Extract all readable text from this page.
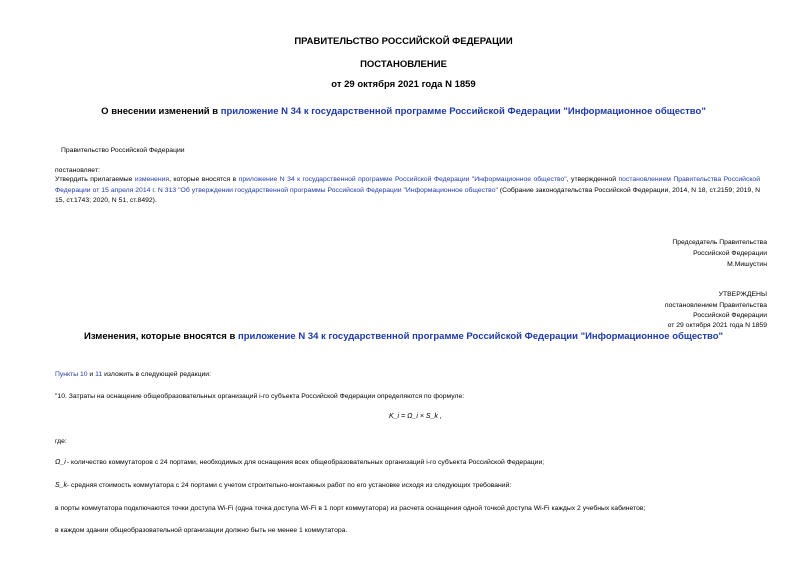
ПРАВИТЕЛЬСТВО РОССИЙСКОЙ ФЕДЕРАЦИИ
ПОСТАНОВЛЕНИЕ
от 29 октября 2021 года N 1859
О внесении изменений в приложение N 34 к государственной программе Российской Федерации "Информационное общество"
Правительство Российской Федерации
постановляет:
Утвердить прилагаемые изменения, которые вносятся в приложение N 34 к государственной программе Российской Федерации "Информационное общество", утвержденной постановлением Правительства Российской Федерации от 15 апреля 2014 г. N 313 "Об утверждении государственной программы Российской Федерации "Информационное общество" (Собрание законодательства Российской Федерации, 2014, N 18, ст.2159; 2019, N 15, ст.1743; 2020, N 51, ст.8492).
Председатель Правительства
Российской Федерации
М.Мишустин
УТВЕРЖДЕНЫ
постановлением Правительства
Российской Федерации
от 29 октября 2021 года N 1859
Изменения, которые вносятся в приложение N 34 к государственной программе Российской Федерации "Информационное общество"
Пункты 10 и 11 изложить в следующей редакции:
"10. Затраты на оснащение общеобразовательных организаций i-го субъекта Российской Федерации определяются по формуле:
K_i = Ω_i × S_k ,
где:
Ω_i - количество коммутаторов с 24 портами, необходимых для оснащения всех общеобразовательных организаций i-го субъекта Российской Федерации;
S_k - средняя стоимость коммутатора с 24 портами с учетом строительно-монтажных работ по его установке исходя из следующих требований:
в порты коммутатора подключаются точки доступа Wi-Fi (одна точка доступа Wi-Fi в 1 порт коммутатора) из расчета оснащения одной точкой доступа Wi-Fi каждых 2 учебных кабинетов;
в каждом здании общеобразовательной организации должно быть не менее 1 коммутатора.
